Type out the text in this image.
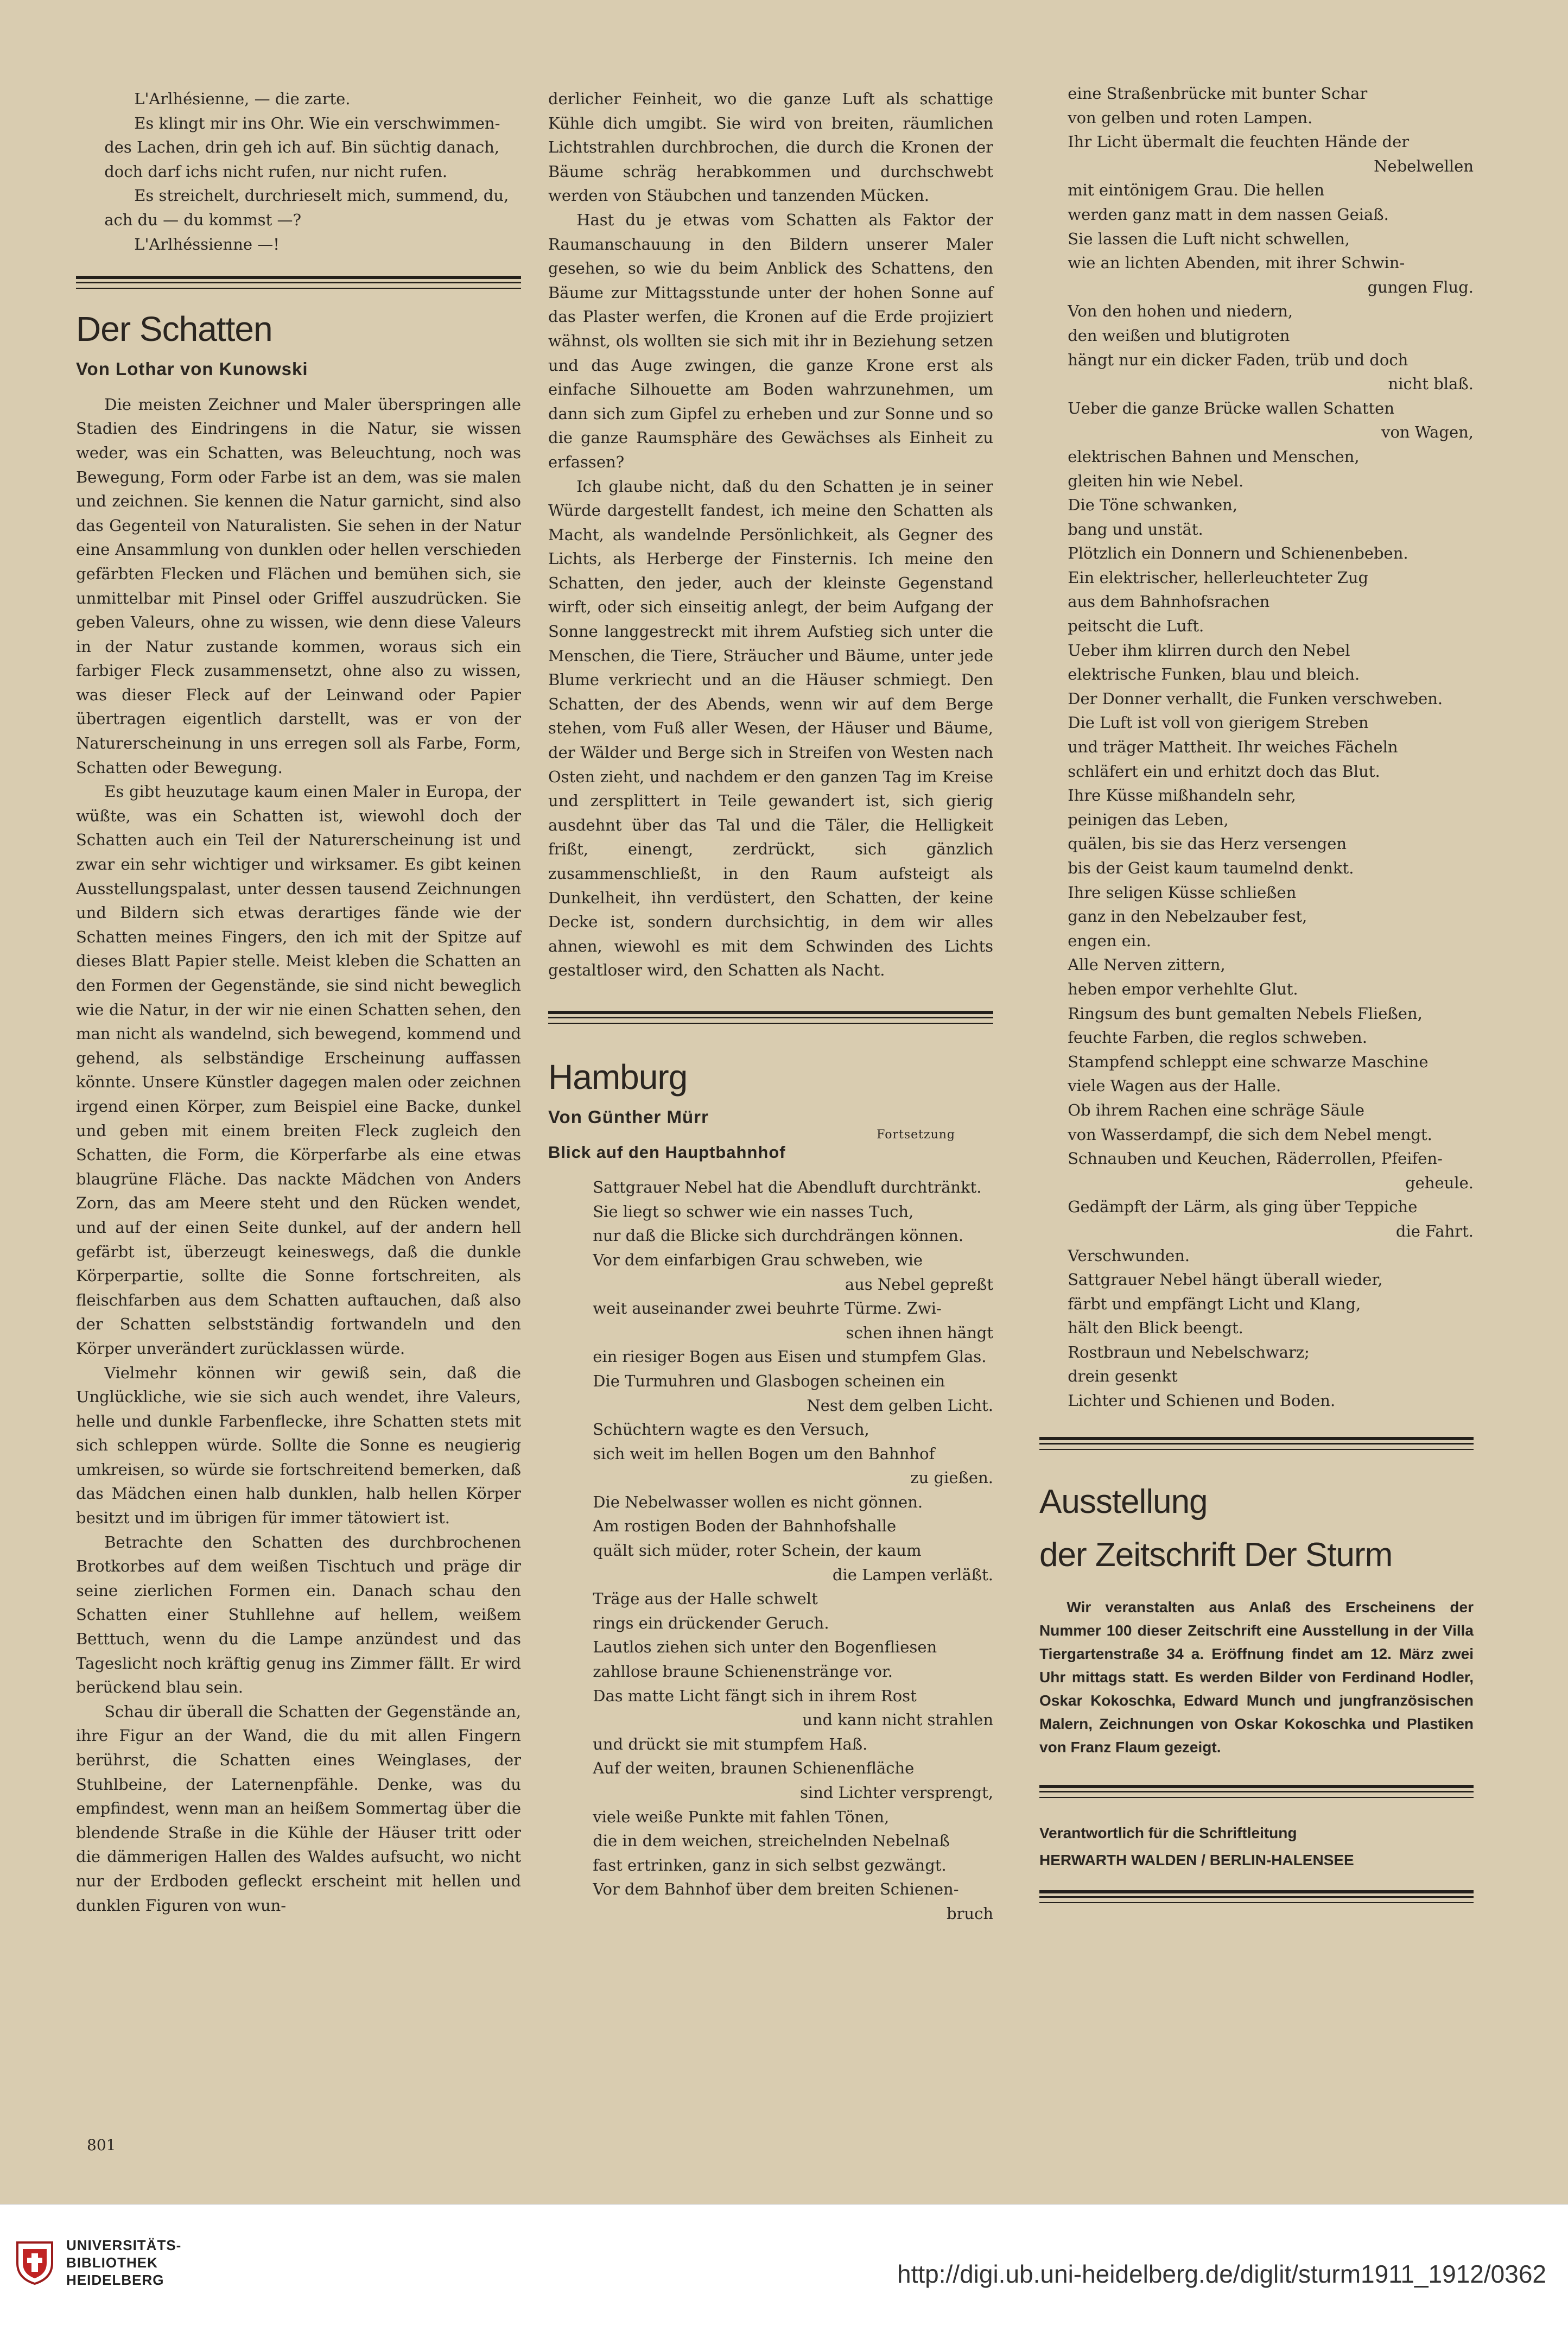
L'Arlhésienne, — die zarte.

Es klingt mir ins Ohr. Wie ein verschwimmen-

des Lachen, drin geh ich auf. Bin süchtig danach,

doch darf ichs nicht rufen, nur nicht rufen.

Es streichelt, durchrieselt mich, summend, du,

ach du — du kommst —?

L'Arlhéssienne —!

Der Schatten
Von Lothar von Kunowski

Die meisten Zeichner und Maler überspringen alle Stadien des Eindringens in die Natur, sie wissen weder, was ein Schatten, was Beleuchtung, noch was Bewegung, Form oder Farbe ist an dem, was sie malen und zeichnen. Sie kennen die Natur garnicht, sind also das Gegenteil von Naturalisten. Sie sehen in der Natur eine Ansammlung von dunklen oder hellen verschieden gefärbten Flecken und Flächen und bemühen sich, sie unmittelbar mit Pinsel oder Griffel auszudrücken. Sie geben Valeurs, ohne zu wissen, wie denn diese Valeurs in der Natur zustande kommen, woraus sich ein farbiger Fleck zusammensetzt, ohne also zu wissen, was dieser Fleck auf der Leinwand oder Papier übertragen eigentlich darstellt, was er von der Naturerscheinung in uns erregen soll als Farbe, Form, Schatten oder Bewegung.

Es gibt heuzutage kaum einen Maler in Europa, der wüßte, was ein Schatten ist, wiewohl doch der Schatten auch ein Teil der Naturerscheinung ist und zwar ein sehr wichtiger und wirksamer. Es gibt keinen Ausstellungspalast, unter dessen tausend Zeichnungen und Bildern sich etwas derartiges fände wie der Schatten meines Fingers, den ich mit der Spitze auf dieses Blatt Papier stelle. Meist kleben die Schatten an den Formen der Gegenstände, sie sind nicht beweglich wie die Natur, in der wir nie einen Schatten sehen, den man nicht als wandelnd, sich bewegend, kommend und gehend, als selbständige Erscheinung auffassen könnte. Unsere Künstler dagegen malen oder zeichnen irgend einen Körper, zum Beispiel eine Backe, dunkel und geben mit einem breiten Fleck zugleich den Schatten, die Form, die Körperfarbe als eine etwas blaugrüne Fläche. Das nackte Mädchen von Anders Zorn, das am Meere steht und den Rücken wendet, und auf der einen Seite dunkel, auf der andern hell gefärbt ist, überzeugt keineswegs, daß die dunkle Körperpartie, sollte die Sonne fortschreiten, als fleischfarben aus dem Schatten auftauchen, daß also der Schatten selbstständig fortwandeln und den Körper unverändert zurücklassen würde.

Vielmehr können wir gewiß sein, daß die Unglückliche, wie sie sich auch wendet, ihre Valeurs, helle und dunkle Farbenflecke, ihre Schatten stets mit sich schleppen würde. Sollte die Sonne es neugierig umkreisen, so würde sie fortschreitend bemerken, daß das Mädchen einen halb dunklen, halb hellen Körper besitzt und im übrigen für immer tätowiert ist.

Betrachte den Schatten des durchbrochenen Brotkorbes auf dem weißen Tischtuch und präge dir seine zierlichen Formen ein. Danach schau den Schatten einer Stuhllehne auf hellem, weißem Betttuch, wenn du die Lampe anzündest und das Tageslicht noch kräftig genug ins Zimmer fällt. Er wird berückend blau sein.

Schau dir überall die Schatten der Gegenstände an, ihre Figur an der Wand, die du mit allen Fingern berührst, die Schatten eines Weinglases, der Stuhlbeine, der Laternenpfähle. Denke, was du empfindest, wenn man an heißem Sommertag über die blendende Straße in die Kühle der Häuser tritt oder die dämmerigen Hallen des Waldes aufsucht, wo nicht nur der Erdboden gefleckt erscheint mit hellen und dunklen Figuren von wun-

801

derlicher Feinheit, wo die ganze Luft als schattige Kühle dich umgibt. Sie wird von breiten, räumlichen Lichtstrahlen durchbrochen, die durch die Kronen der Bäume schräg herabkommen und durchschwebt werden von Stäubchen und tanzenden Mücken.

Hast du je etwas vom Schatten als Faktor der Raumanschauung in den Bildern unserer Maler gesehen, so wie du beim Anblick des Schattens, den Bäume zur Mittagsstunde unter der hohen Sonne auf das Plaster werfen, die Kronen auf die Erde projiziert wähnst, ols wollten sie sich mit ihr in Beziehung setzen und das Auge zwingen, die ganze Krone erst als einfache Silhouette am Boden wahrzunehmen, um dann sich zum Gipfel zu erheben und zur Sonne und so die ganze Raumsphäre des Gewächses als Einheit zu erfassen?

Ich glaube nicht, daß du den Schatten je in seiner Würde dargestellt fandest, ich meine den Schatten als Macht, als wandelnde Persönlichkeit, als Gegner des Lichts, als Herberge der Finsternis. Ich meine den Schatten, den jeder, auch der kleinste Gegenstand wirft, oder sich einseitig anlegt, der beim Aufgang der Sonne langgestreckt mit ihrem Aufstieg sich unter die Menschen, die Tiere, Sträucher und Bäume, unter jede Blume verkriecht und an die Häuser schmiegt. Den Schatten, der des Abends, wenn wir auf dem Berge stehen, vom Fuß aller Wesen, der Häuser und Bäume, der Wälder und Berge sich in Streifen von Westen nach Osten zieht, und nachdem er den ganzen Tag im Kreise und zersplittert in Teile gewandert ist, sich gierig ausdehnt über das Tal und die Täler, die Helligkeit frißt, einengt, zerdrückt, sich gänzlich zusammenschließt, in den Raum aufsteigt als Dunkelheit, ihn verdüstert, den Schatten, der keine Decke ist, sondern durchsichtig, in dem wir alles ahnen, wiewohl es mit dem Schwinden des Lichts gestaltloser wird, den Schatten als Nacht.

Hamburg
Von Günther Mürr
Fortsetzung
Blick auf den Hauptbahnhof

Sattgrauer Nebel hat die Abendluft durchtränkt.

Sie liegt so schwer wie ein nasses Tuch,

nur daß die Blicke sich durchdrängen können.

Vor dem einfarbigen Grau schweben, wie

aus Nebel gepreßt

weit auseinander zwei beuhrte Türme. Zwi-

schen ihnen hängt

ein riesiger Bogen aus Eisen und stumpfem Glas.

Die Turmuhren und Glasbogen scheinen ein

Nest dem gelben Licht.

Schüchtern wagte es den Versuch,

sich weit im hellen Bogen um den Bahnhof

zu gießen.

Die Nebelwasser wollen es nicht gönnen.

Am rostigen Boden der Bahnhofshalle

quält sich müder, roter Schein, der kaum

die Lampen verläßt.

Träge aus der Halle schwelt

rings ein drückender Geruch.

Lautlos ziehen sich unter den Bogenfliesen

zahllose braune Schienenstränge vor.

Das matte Licht fängt sich in ihrem Rost

und kann nicht strahlen

und drückt sie mit stumpfem Haß.

Auf der weiten, braunen Schienenfläche

sind Lichter versprengt,

viele weiße Punkte mit fahlen Tönen,

die in dem weichen, streichelnden Nebelnaß

fast ertrinken, ganz in sich selbst gezwängt.

Vor dem Bahnhof über dem breiten Schienen-

bruch

eine Straßenbrücke mit bunter Schar

von gelben und roten Lampen.

Ihr Licht übermalt die feuchten Hände der

Nebelwellen

mit eintönigem Grau. Die hellen

werden ganz matt in dem nassen Geiaß.

Sie lassen die Luft nicht schwellen,

wie an lichten Abenden, mit ihrer Schwin-

gungen Flug.

Von den hohen und niedern,

den weißen und blutigroten

hängt nur ein dicker Faden, trüb und doch

nicht blaß.

Ueber die ganze Brücke wallen Schatten

von Wagen,

elektrischen Bahnen und Menschen,

gleiten hin wie Nebel.

Die Töne schwanken,

bang und unstät.

Plötzlich ein Donnern und Schienenbeben.

Ein elektrischer, hellerleuchteter Zug

aus dem Bahnhofsrachen

peitscht die Luft.

Ueber ihm klirren durch den Nebel

elektrische Funken, blau und bleich.

Der Donner verhallt, die Funken verschweben.

Die Luft ist voll von gierigem Streben

und träger Mattheit. Ihr weiches Fächeln

schläfert ein und erhitzt doch das Blut.

Ihre Küsse mißhandeln sehr,

peinigen das Leben,

quälen, bis sie das Herz versengen

bis der Geist kaum taumelnd denkt.

Ihre seligen Küsse schließen

ganz in den Nebelzauber fest,

engen ein.

Alle Nerven zittern,

heben empor verhehlte Glut.

Ringsum des bunt gemalten Nebels Fließen,

feuchte Farben, die reglos schweben.

Stampfend schleppt eine schwarze Maschine

viele Wagen aus der Halle.

Ob ihrem Rachen eine schräge Säule

von Wasserdampf, die sich dem Nebel mengt.

Schnauben und Keuchen, Räderrollen, Pfeifen-

geheule.

Gedämpft der Lärm, als ging über Teppiche

die Fahrt.

Verschwunden.

Sattgrauer Nebel hängt überall wieder,

färbt und empfängt Licht und Klang,

hält den Blick beengt.

Rostbraun und Nebelschwarz;

drein gesenkt

Lichter und Schienen und Boden.

Ausstellung
der Zeitschrift Der Sturm

Wir veranstalten aus Anlaß des Erscheinens der Nummer 100 dieser Zeitschrift eine Ausstellung in der Villa Tiergartenstraße 34 a. Eröffnung findet am 12. März zwei Uhr mittags statt. Es werden Bilder von Ferdinand Hodler, Oskar Kokoschka, Edward Munch und jungfranzösischen Malern, Zeichnungen von Oskar Kokoschka und Plastiken von Franz Flaum gezeigt.

Verantwortlich für die Schriftleitung
HERWARTH WALDEN / BERLIN-HALENSEE
UNIVERSITÄTS-
BIBLIOTHEK
HEIDELBERG	http://digi.ub.uni-heidelberg.de/diglit/sturm1911_1912/0362
